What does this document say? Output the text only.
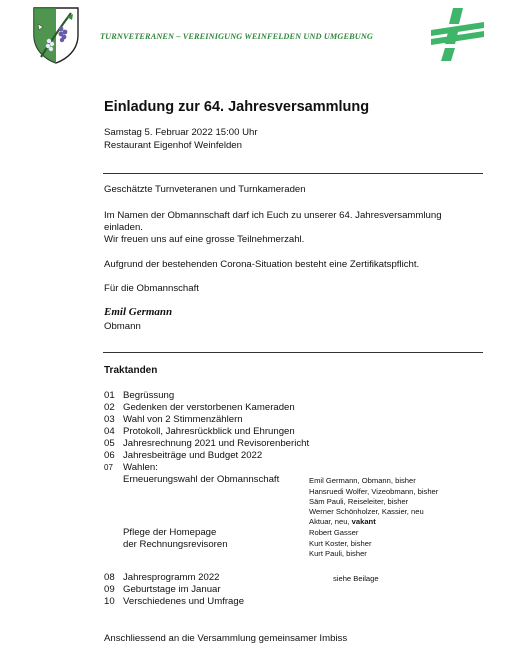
TURNVETERANEN – VEREINIGUNG WEINFELDEN UND UMGEBUNG
Einladung zur 64. Jahresversammlung
Samstag 5. Februar 2022 15:00 Uhr
Restaurant Eigenhof Weinfelden
Geschätzte Turnveteranen und Turnkameraden
Im Namen der Obmannschaft darf ich Euch zu unserer 64. Jahresversammlung
einladen.
Wir freuen uns auf eine grosse Teilnehmerzahl.
Aufgrund der bestehenden Corona-Situation besteht eine Zertifikatspflicht.
Für die Obmannschaft
Emil Germann
Obmann
Traktanden
01 Begrüssung
02 Gedenken der verstorbenen Kameraden
03 Wahl von 2 Stimmenzählern
04 Protokoll, Jahresrückblick und Ehrungen
05 Jahresrechnung 2021 und Revisorenbericht
06 Jahresbeiträge und Budget 2022
07 Wahlen:
Erneuerungswahl der Obmannschaft	Emil Germann, Obmann, bisher
Hansruedi Wolfer, Vizeobmann, bisher
Säm Pauli, Reiseleiter, bisher
Werner Schönholzer, Kassier, neu
Aktuar, neu, vakant
Pflege der Homepage	Robert Gasser
der Rechnungsrevisoren	Kurt Koster, bisher
Kurt Pauli, bisher
08 Jahresprogramm 2022	siehe Beilage
09 Geburtstage im Januar
10 Verschiedenes und Umfrage
Anschliessend an die Versammlung gemeinsamer Imbiss
